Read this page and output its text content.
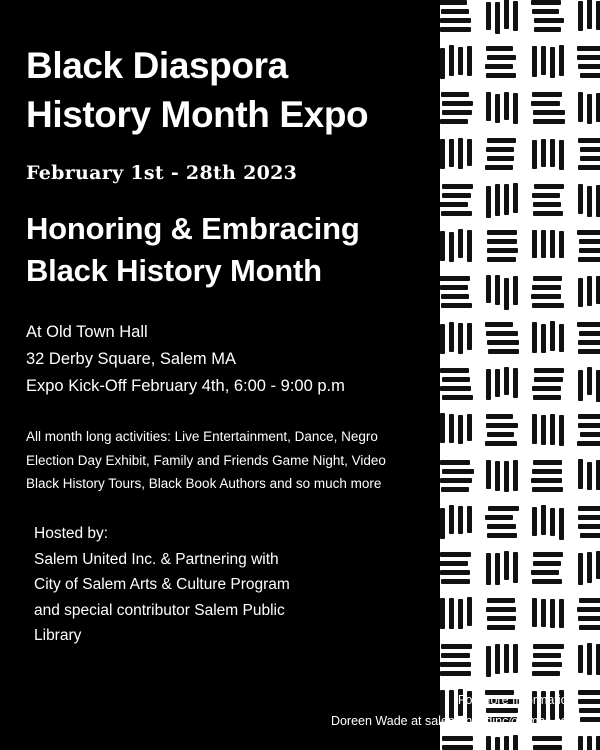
Black Diaspora
History Month Expo
February 1st - 28th 2023
Honoring & Embracing
Black History Month
At Old Town Hall
32 Derby Square, Salem MA
Expo Kick-Off February 4th, 6:00 - 9:00 p.m
All month long activities: Live Entertainment, Dance, Negro Election Day Exhibit, Family and Friends Game Night, Video Black History Tours, Black Book Authors and so much more
Hosted by:
Salem United Inc. & Partnering with
City of Salem Arts & Culture Program
and special contributor Salem Public
Library
For More Information:
Doreen Wade at salemunitedinc@gmail.com
